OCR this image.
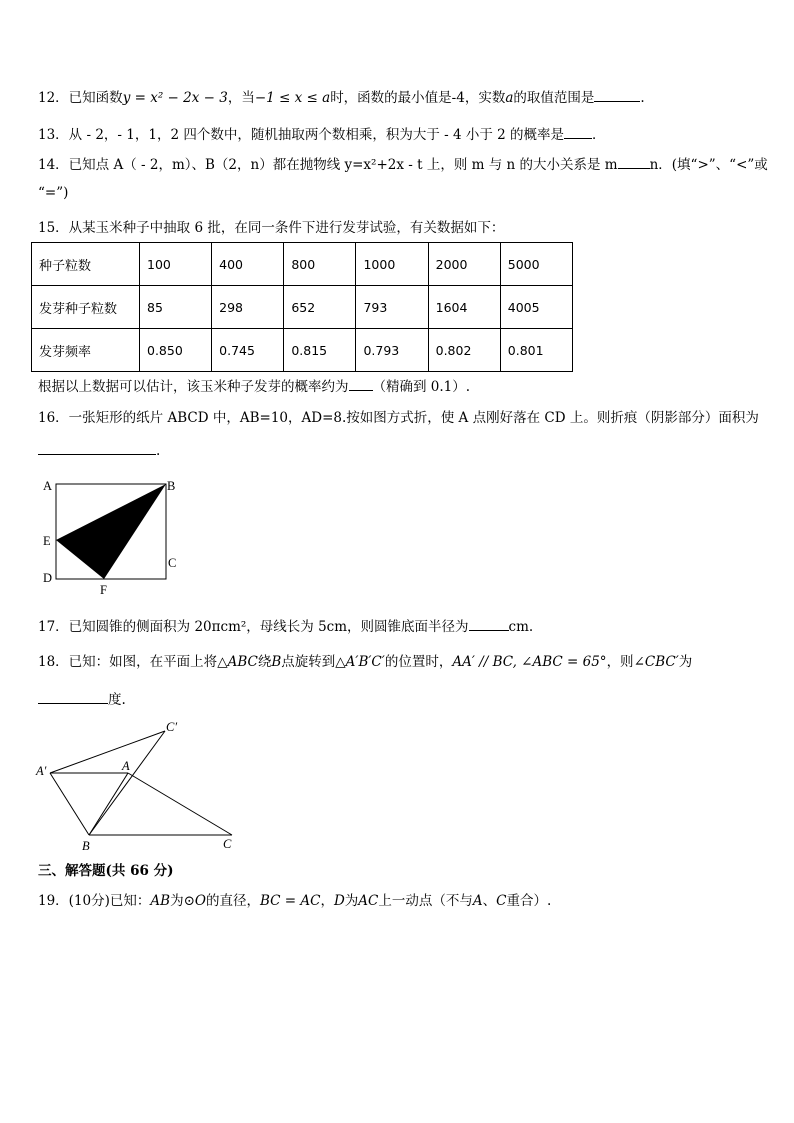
12．已知函数y = x² − 2x − 3，当−1 ≤ x ≤ a时，函数的最小值是-4，实数a的取值范围是	.
13．从 - 2，- 1，1，2 四个数中，随机抽取两个数相乘，积为大于 - 4 小于 2 的概率是 ．
14．已知点 A（ - 2，m）、B（2，n）都在抛物线 y=x²+2x - t 上，则 m 与 n 的大小关系是 m n．(填“>”、“<”或
“=”)
15．从某玉米种子中抽取 6 批，在同一条件下进行发芽试验，有关数据如下：
种子粒数	100	400	800	1000	2000	5000
发芽种子粒数	85	298	652	793	1604	4005
发芽频率	0.850	0.745	0.815	0.793	0.802	0.801
根据以上数据可以估计，该玉米种子发芽的概率约为 （精确到 0.1）.
16．一张矩形的纸片 ABCD 中，AB=10，AD=8.按如图方式折，使 A 点刚好落在 CD 上。则折痕（阴影部分）面积为
.
A	B
E
C
D
F
17．已知圆锥的侧面积为 20πcm²，母线长为 5cm，则圆锥底面半径为	cm.
18．已知：如图，在平面上将△ABC绕B点旋转到△A′B′C′的位置时，AA′ // BC, ∠ABC = 65°，则∠CBC′为
度.
C′
A′	A
B	C
三、解答题(共 66 分)
19．(10分)已知：AB为⊙O的直径，BC = AC，D为AC上一动点（不与A、C重合）.
